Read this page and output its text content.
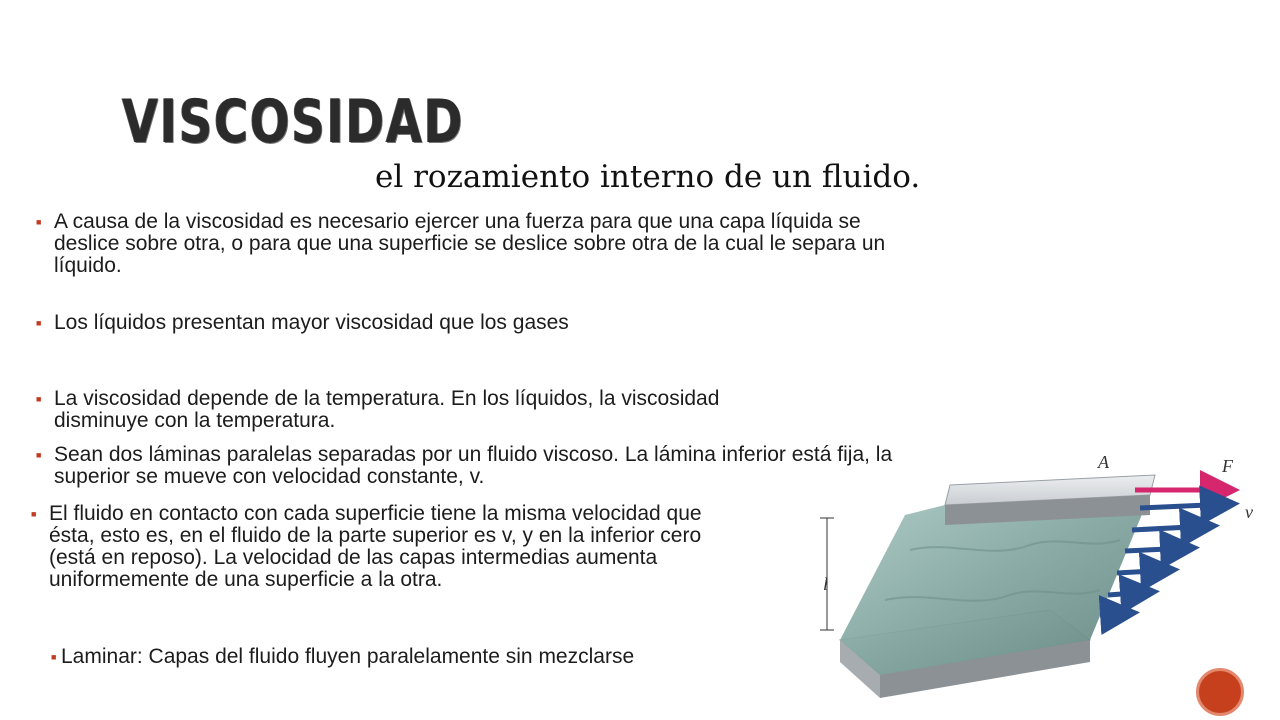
VISCOSIDAD
el rozamiento interno de un fluido.
■ A causa de la viscosidad es necesario ejercer una fuerza para que una capa líquida se deslice sobre otra, o para que una superficie se deslice sobre otra de la cual le separa un líquido.
■ Los líquidos presentan mayor viscosidad que los gases
■ La viscosidad depende de la temperatura. En los líquidos, la viscosidad disminuye con la temperatura.
■ Sean dos láminas paralelas separadas por un fluido viscoso. La lámina inferior está fija, la superior se mueve con velocidad constante, v.
■ El fluido en contacto con cada superficie tiene la misma velocidad que ésta, esto es, en el fluido de la parte superior es v, y en la inferior cero (está en reposo). La velocidad de las capas intermedias aumenta uniformemente de una superficie a la otra.
■ Laminar: Capas del fluido fluyen paralelamente sin mezclarse
l
A	F
v
